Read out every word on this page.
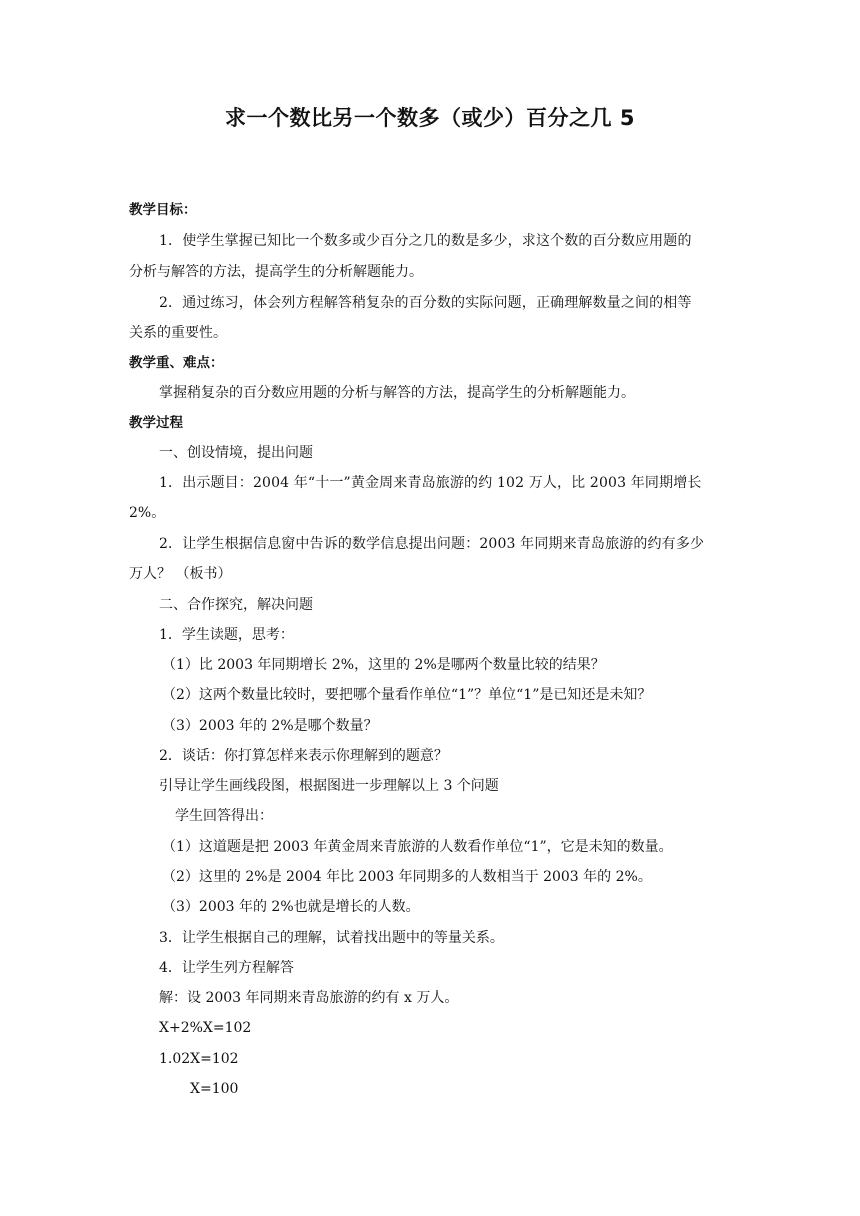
求一个数比另一个数多（或少）百分之几 5
教学目标：
1．使学生掌握已知比一个数多或少百分之几的数是多少，求这个数的百分数应用题的
分析与解答的方法，提高学生的分析解题能力。
2．通过练习，体会列方程解答稍复杂的百分数的实际问题，正确理解数量之间的相等
关系的重要性。
教学重、难点：
掌握稍复杂的百分数应用题的分析与解答的方法，提高学生的分析解题能力。
教学过程
一、创设情境，提出问题
1．出示题目：2004 年“十一”黄金周来青岛旅游的约 102 万人，比 2003 年同期增长
2%。
2．让学生根据信息窗中告诉的数学信息提出问题：2003 年同期来青岛旅游的约有多少
万人？ （板书）
二、合作探究，解决问题
1．学生读题，思考：
（1）比 2003 年同期增长 2%，这里的 2%是哪两个数量比较的结果？
（2）这两个数量比较时，要把哪个量看作单位“1”？单位“1”是已知还是未知？
（3）2003 年的 2%是哪个数量？
2．谈话：你打算怎样来表示你理解到的题意？
引导让学生画线段图，根据图进一步理解以上 3 个问题
学生回答得出：
（1）这道题是把 2003 年黄金周来青旅游的人数看作单位“1”，它是未知的数量。
（2）这里的 2%是 2004 年比 2003 年同期多的人数相当于 2003 年的 2%。
（3）2003 年的 2%也就是增长的人数。
3．让学生根据自己的理解，试着找出题中的等量关系。
4．让学生列方程解答
解：设 2003 年同期来青岛旅游的约有 x 万人。
X+2%X=102
1.02X=102
X=100
